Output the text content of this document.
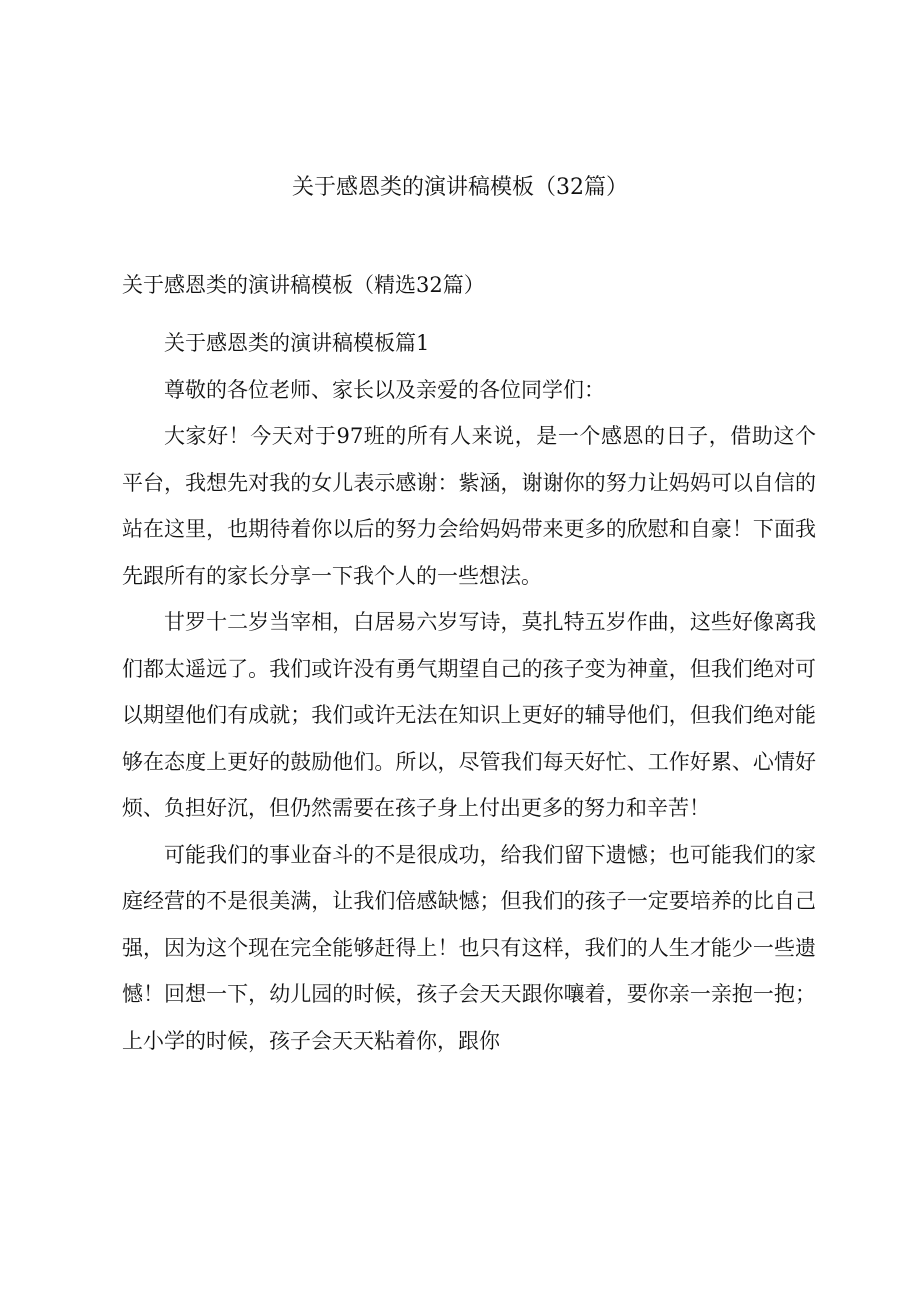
关于感恩类的演讲稿模板（32篇）
关于感恩类的演讲稿模板（精选32篇）

关于感恩类的演讲稿模板篇1

尊敬的各位老师、家长以及亲爱的各位同学们：

大家好！今天对于97班的所有人来说，是一个感恩的日子，借助这个平台，我想先对我的女儿表示感谢：紫涵，谢谢你的努力让妈妈可以自信的站在这里，也期待着你以后的努力会给妈妈带来更多的欣慰和自豪！下面我先跟所有的家长分享一下我个人的一些想法。

甘罗十二岁当宰相，白居易六岁写诗，莫扎特五岁作曲，这些好像离我们都太遥远了。我们或许没有勇气期望自己的孩子变为神童，但我们绝对可以期望他们有成就；我们或许无法在知识上更好的辅导他们，但我们绝对能够在态度上更好的鼓励他们。所以，尽管我们每天好忙、工作好累、心情好烦、负担好沉，但仍然需要在孩子身上付出更多的努力和辛苦！

可能我们的事业奋斗的不是很成功，给我们留下遗憾；也可能我们的家庭经营的不是很美满，让我们倍感缺憾；但我们的孩子一定要培养的比自己强，因为这个现在完全能够赶得上！也只有这样，我们的人生才能少一些遗憾！回想一下，幼儿园的时候，孩子会天天跟你嚷着，要你亲一亲抱一抱；上小学的时候，孩子会天天粘着你，跟你
